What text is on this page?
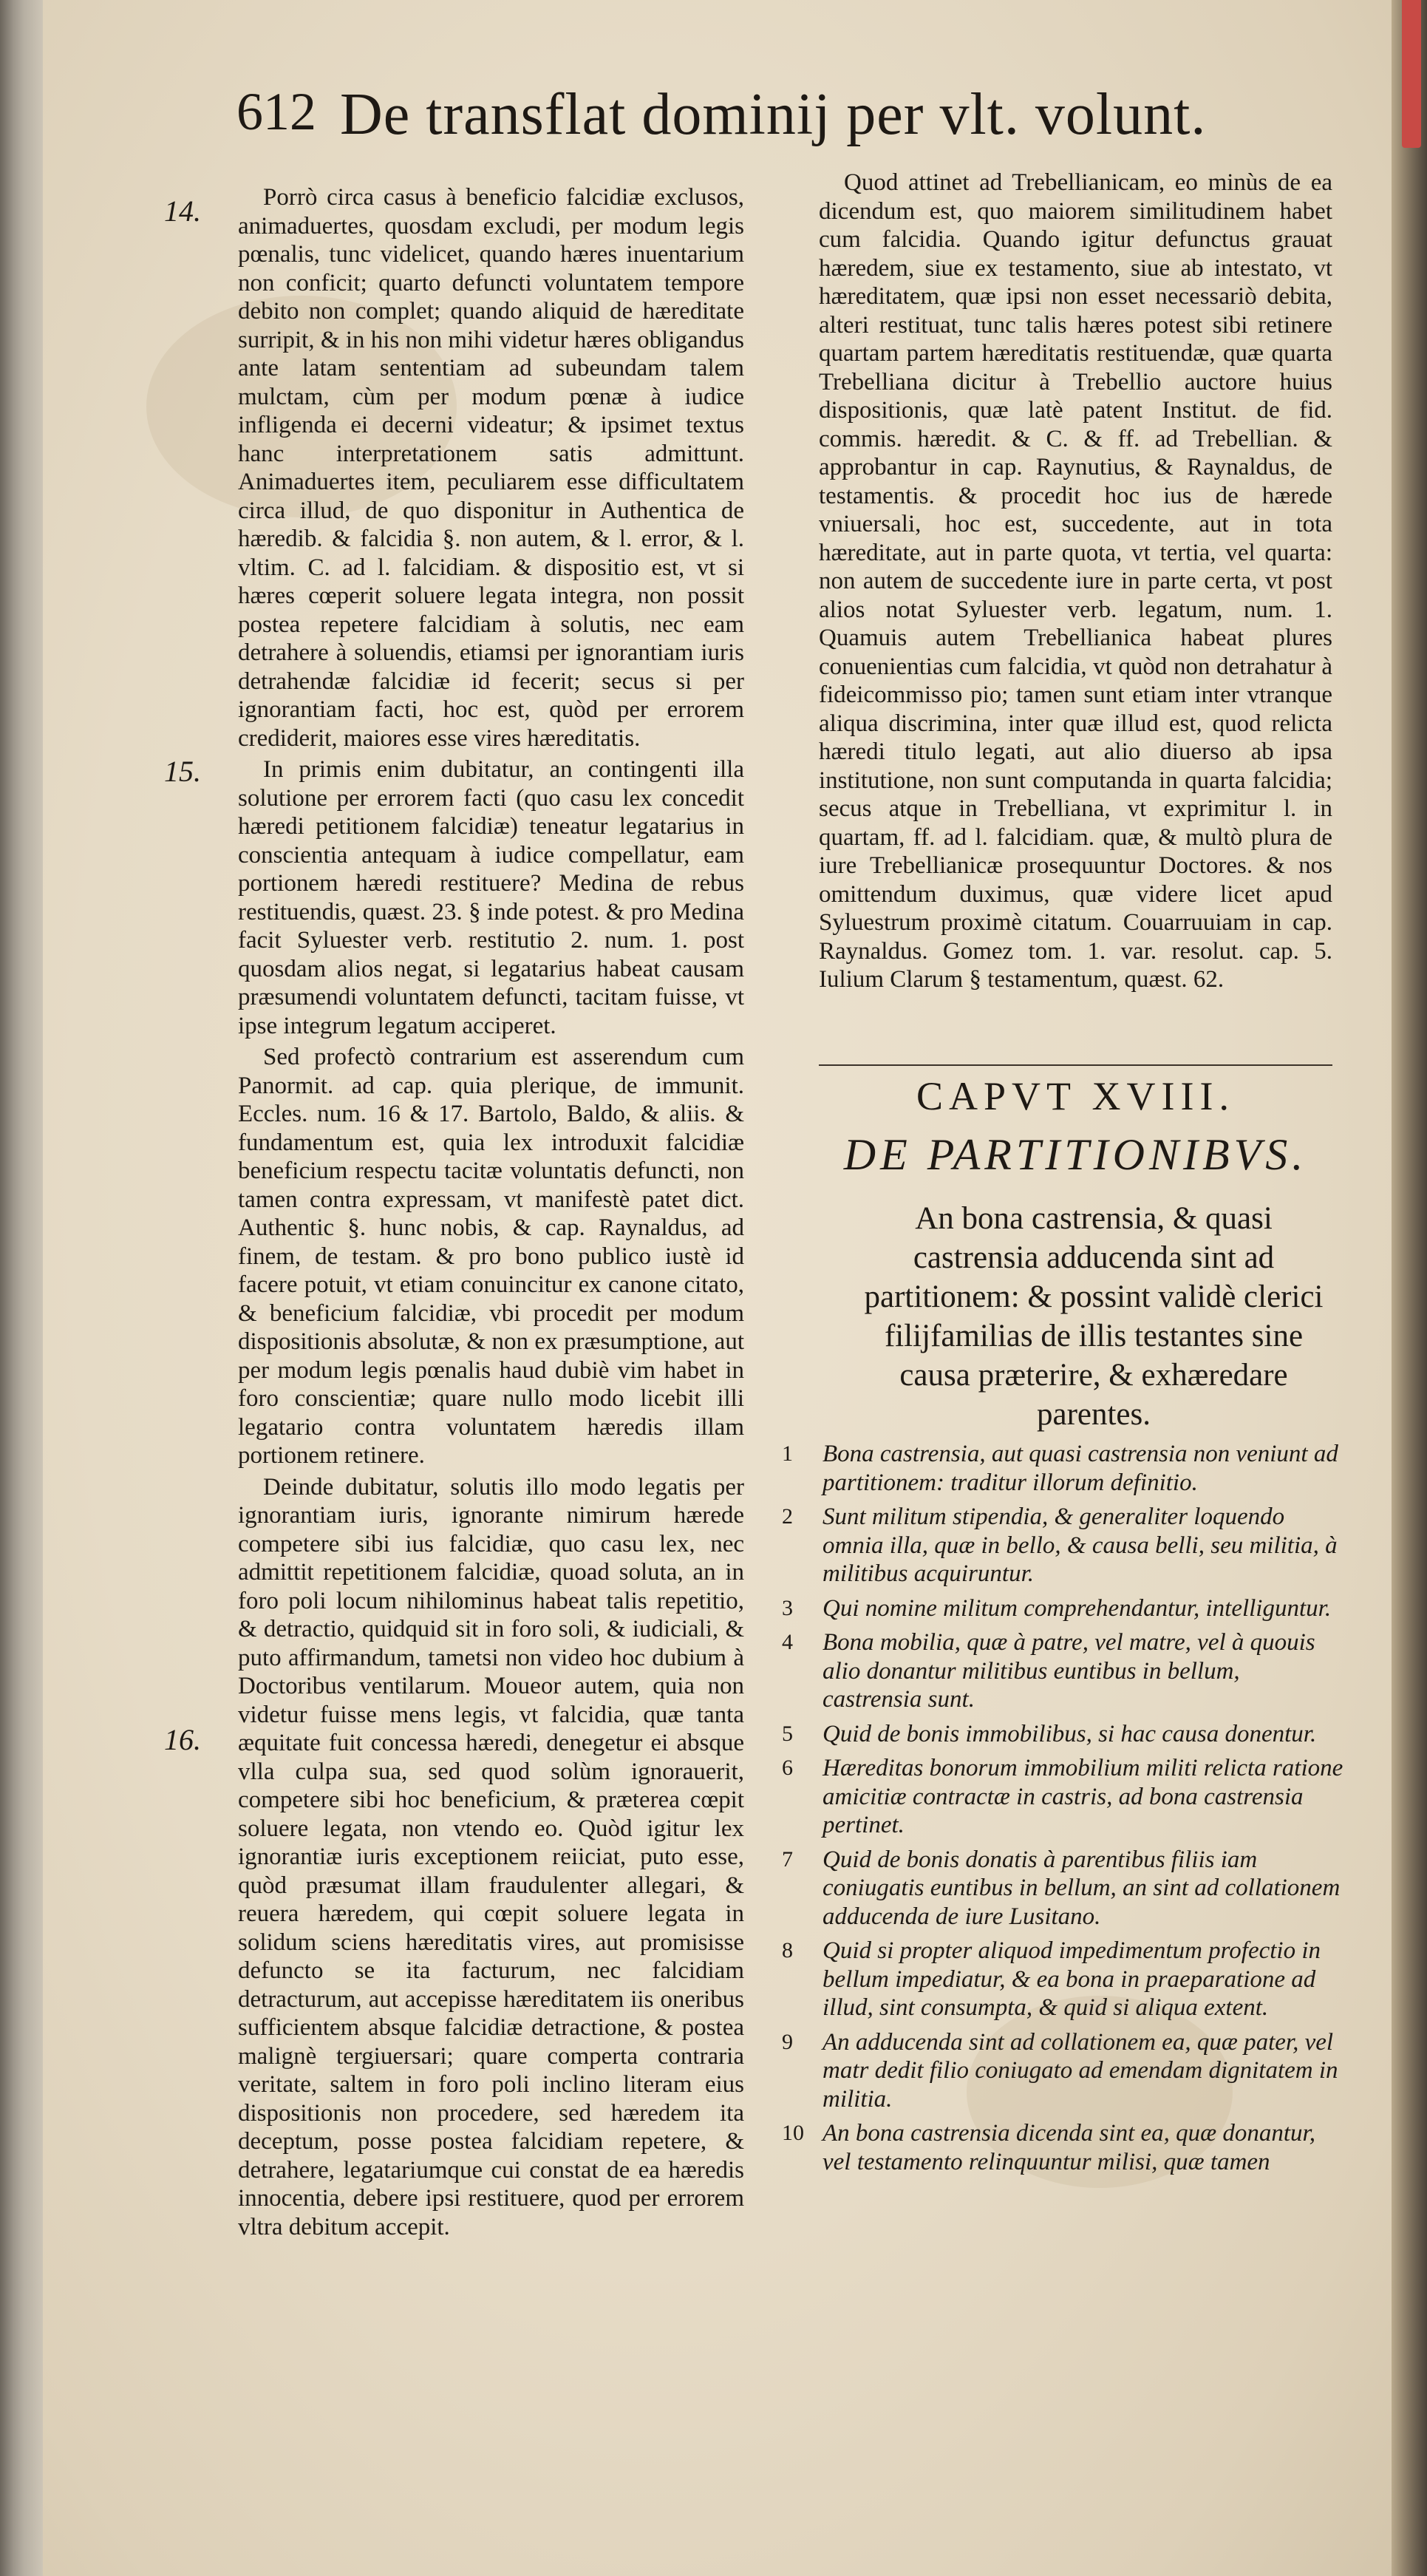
612 De transflat dominij per vlt. volunt.
14.
15.
16.

Porrò circa casus à beneficio falcidiæ exclusos, animaduertes, quosdam excludi, per modum legis pœnalis, tunc videlicet, quando hæres inuentarium non conficit; quarto defuncti voluntatem tempore debito non complet; quando aliquid de hæreditate surripit, & in his non mihi videtur hæres obligandus ante latam sententiam ad subeundam talem mulctam, cùm per modum pœnæ à iudice infligenda ei decerni videatur; & ipsimet textus hanc interpretationem satis admittunt. Animaduertes item, peculiarem esse difficultatem circa illud, de quo disponitur in Authentica de hæredib. & falcidia §. non autem, & l. error, & l. vltim. C. ad l. falcidiam. & dispositio est, vt si hæres cœperit soluere legata integra, non possit postea repetere falcidiam à solutis, nec eam detrahere à soluendis, etiamsi per ignorantiam iuris detrahendæ falcidiæ id fecerit; secus si per ignorantiam facti, hoc est, quòd per errorem crediderit, maiores esse vires hæreditatis.

In primis enim dubitatur, an contingenti illa solutione per errorem facti (quo casu lex concedit hæredi petitionem falcidiæ) teneatur legatarius in conscientia antequam à iudice compellatur, eam portionem hæredi restituere? Medina de rebus restituendis, quæst. 23. § inde potest. & pro Medina facit Syluester verb. restitutio 2. num. 1. post quosdam alios negat, si legatarius habeat causam præsumendi voluntatem defuncti, tacitam fuisse, vt ipse integrum legatum acciperet.

Sed profectò contrarium est asserendum cum Panormit. ad cap. quia plerique, de immunit. Eccles. num. 16 & 17. Bartolo, Baldo, & aliis. & fundamentum est, quia lex introduxit falcidiæ beneficium respectu tacitæ voluntatis defuncti, non tamen contra expressam, vt manifestè patet dict. Authentic §. hunc nobis, & cap. Raynaldus, ad finem, de testam. & pro bono publico iustè id facere potuit, vt etiam conuincitur ex canone citato, & beneficium falcidiæ, vbi procedit per modum dispositionis absolutæ, & non ex præsumptione, aut per modum legis pœnalis haud dubiè vim habet in foro conscientiæ; quare nullo modo licebit illi legatario contra voluntatem hæredis illam portionem retinere.

Deinde dubitatur, solutis illo modo legatis per ignorantiam iuris, ignorante nimirum hærede competere sibi ius falcidiæ, quo casu lex, nec admittit repetitionem falcidiæ, quoad soluta, an in foro poli locum nihilominus habeat talis repetitio, & detractio, quidquid sit in foro soli, & iudiciali, & puto affirmandum, tametsi non video hoc dubium à Doctoribus ventilarum. Moueor autem, quia non videtur fuisse mens legis, vt falcidia, quæ tanta æquitate fuit concessa hæredi, denegetur ei absque vlla culpa sua, sed quod solùm ignorauerit, competere sibi hoc beneficium, & præterea cœpit soluere legata, non vtendo eo. Quòd igitur lex ignorantiæ iuris exceptionem reiiciat, puto esse, quòd præsumat illam fraudulenter allegari, & reuera hæredem, qui cœpit soluere legata in solidum sciens hæreditatis vires, aut promisisse defuncto se ita facturum, nec falcidiam detracturum, aut accepisse hæreditatem iis oneribus sufficientem absque falcidiæ detractione, & postea malignè tergiuersari; quare comperta contraria veritate, saltem in foro poli inclino literam eius dispositionis non procedere, sed hæredem ita deceptum, posse postea falcidiam repetere, & detrahere, legatariumque cui constat de ea hæredis innocentia, debere ipsi restituere, quod per errorem vltra debitum accepit.

Quod attinet ad Trebellianicam, eo minùs de ea dicendum est, quo maiorem similitudinem habet cum falcidia. Quando igitur defunctus grauat hæredem, siue ex testamento, siue ab intestato, vt hæreditatem, quæ ipsi non esset necessariò debita, alteri restituat, tunc talis hæres potest sibi retinere quartam partem hæreditatis restituendæ, quæ quarta Trebelliana dicitur à Trebellio auctore huius dispositionis, quæ latè patent Institut. de fid. commis. hæredit. & C. & ff. ad Trebellian. & approbantur in cap. Raynutius, & Raynaldus, de testamentis. & procedit hoc ius de hærede vniuersali, hoc est, succedente, aut in tota hæreditate, aut in parte quota, vt tertia, vel quarta: non autem de succedente iure in parte certa, vt post alios notat Syluester verb. legatum, num. 1. Quamuis autem Trebellianica habeat plures conuenientias cum falcidia, vt quòd non detrahatur à fideicommisso pio; tamen sunt etiam inter vtranque aliqua discrimina, inter quæ illud est, quod relicta hæredi titulo legati, aut alio diuerso ab ipsa institutione, non sunt computanda in quarta falcidia; secus atque in Trebelliana, vt exprimitur l. in quartam, ff. ad l. falcidiam. quæ, & multò plura de iure Trebellianicæ prosequuntur Doctores. & nos omittendum duximus, quæ videre licet apud Syluestrum proximè citatum. Couarruuiam in cap. Raynaldus. Gomez tom. 1. var. resolut. cap. 5. Iulium Clarum § testamentum, quæst. 62.

CAPVT XVIII.
DE PARTITIONIBVS.
An bona castrensia, & quasi castrensia adducenda sint ad partitionem: & possint validè clerici filijfamilias de illis testantes sine causa præterire, & exhæredare parentes.
1	Bona castrensia, aut quasi castrensia non veniunt ad partitionem: traditur illorum definitio.
2	Sunt militum stipendia, & generaliter loquendo omnia illa, quæ in bello, & causa belli, seu militia, à militibus acquiruntur.
3	Qui nomine militum comprehendantur, intelliguntur.
4	Bona mobilia, quæ à patre, vel matre, vel à quouis alio donantur militibus euntibus in bellum, castrensia sunt.
5	Quid de bonis immobilibus, si hac causa donentur.
6	Hæreditas bonorum immobilium militi relicta ratione amicitiæ contractæ in castris, ad bona castrensia pertinet.
7	Quid de bonis donatis à parentibus filiis iam coniugatis euntibus in bellum, an sint ad collationem adducenda de iure Lusitano.
8	Quid si propter aliquod impedimentum profectio in bellum impediatur, & ea bona in praeparatione ad illud, sint consumpta, & quid si aliqua extent.
9	An adducenda sint ad collationem ea, quæ pater, vel matr dedit filio coniugato ad emendam dignitatem in militia.
10 An bona castrensia dicenda sint ea, quæ donantur, vel testamento relinquuntur milisi, quæ tamen
